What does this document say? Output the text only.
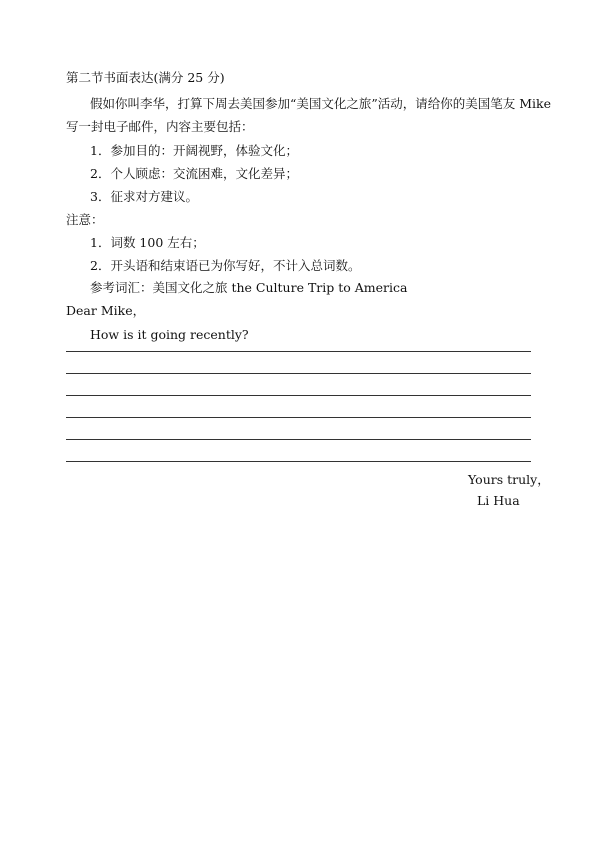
第二节书面表达(满分 25 分)
假如你叫李华，打算下周去美国参加“美国文化之旅”活动，请给你的美国笔友 Mike
写一封电子邮件，内容主要包括：
1．参加目的：开阔视野，体验文化；
2．个人顾虑：交流困难，文化差异；
3．征求对方建议。
注意：
1．词数 100 左右；
2．开头语和结束语已为你写好，不计入总词数。
参考词汇：美国文化之旅 the Culture Trip to America
Dear Mike，
How is it going recently?
Yours truly，
Li Hua
